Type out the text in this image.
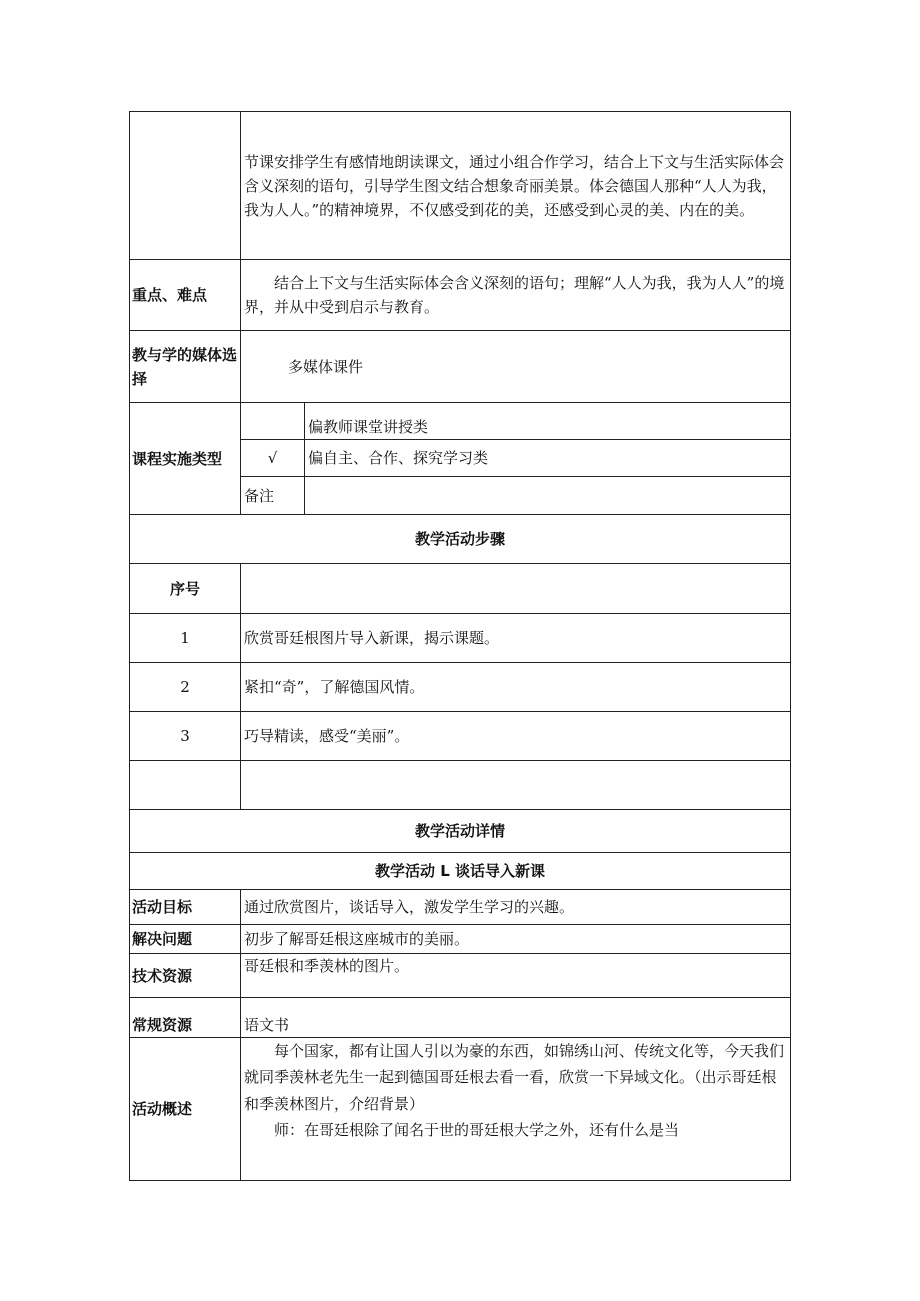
	节课安排学生有感情地朗读课文，通过小组合作学习，结合上下文与生活实际体会含义深刻的语句，引导学生图文结合想象奇丽美景。体会德国人那种“人人为我，我为人人。”的精神境界，不仅感受到花的美，还感受到心灵的美、内在的美。	
重点、难点	结合上下文与生活实际体会含义深刻的语句；理解“人人为我，我为人人”的境界，并从中受到启示与教育。	
教与学的媒体选择	多媒体课件	
课程实施类型		偏教师课堂讲授类
	√	偏自主、合作、探究学习类
	备注	
教学活动步骤		
序号		
1	欣赏哥廷根图片导入新课，揭示课题。	
2	紧扣“奇”，了解德国风情。	
3	巧导精读，感受“美丽”。	

教学活动详情		
教学活动 L 谈话导入新课		
活动目标	通过欣赏图片，谈话导入，激发学生学习的兴趣。	
解决问题	初步了解哥廷根这座城市的美丽。	
技术资源	哥廷根和季羡林的图片。	
常规资源	语文书	
活动概述	每个国家，都有让国人引以为豪的东西，如锦绣山河、传统文化等，今天我们就同季羡林老先生一起到德国哥廷根去看一看，欣赏一下异域文化。（出示哥廷根和季羡林图片，介绍背景）
师：在哥廷根除了闻名于世的哥廷根大学之外，还有什么是当	
